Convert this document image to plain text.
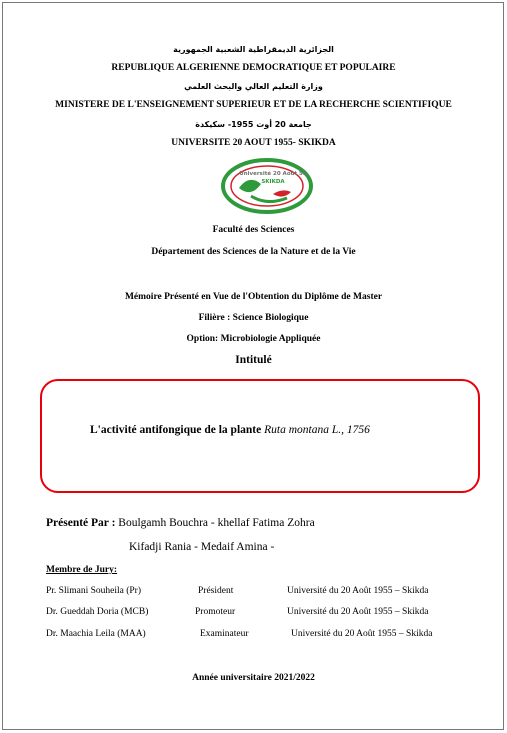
الجزائرية الديمقراطية الشعبية الجمهورية
REPUBLIQUE ALGERIENNE DEMOCRATIQUE ET POPULAIRE
وزارة التعليم العالي والبحث العلمي
MINISTERE DE L'ENSEIGNEMENT SUPERIEUR ET DE LA RECHERCHE SCIENTIFIQUE
جامعة 20 أوت 1955- سكيكدة
UNIVERSITE 20 AOUT 1955- SKIKDA
Université 20 Août 55
SKIKDA
Faculté des Sciences
Département des Sciences de la Nature et de la Vie
Mémoire Présenté en Vue de l'Obtention du Diplôme de Master
Filière : Science Biologique
Option: Microbiologie Appliquée
Intitulé
L'activité antifongique de la plante Ruta montana L., 1756
Présenté Par : Boulgamh Bouchra - khellaf Fatima Zohra
Kifadji Rania - Medaif Amina -
Membre de Jury:
Pr. Slimani Souheila (Pr)	Président	Université du 20 Août 1955 – Skikda
Dr. Gueddah Doria (MCB)	Promoteur	Université du 20 Août 1955 – Skikda
Dr. Maachia Leila (MAA)	Examinateur	Université du 20 Août 1955 – Skikda
Année universitaire 2021/2022
